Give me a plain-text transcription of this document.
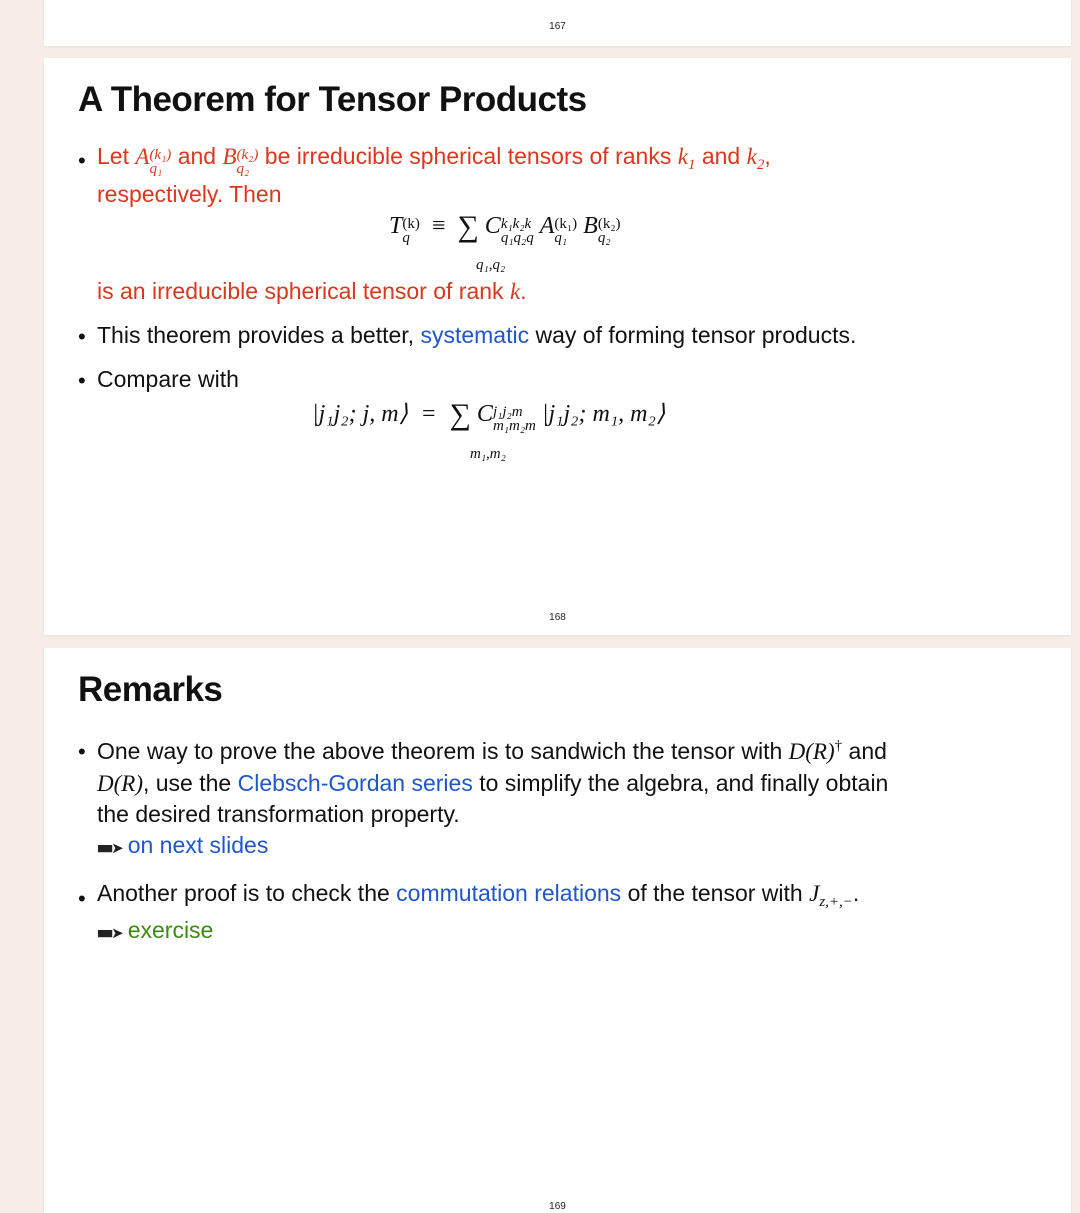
167
A Theorem for Tensor Products
• Let A(k₁)
q₁ and B(k₂)
q₂ be irreducible spherical tensors of ranks $k_1$ and $k_2$,
respectively. Then
T(k)
q ≡ ∑ Ck₁k₂k
q₁q₂q A(k₁)
q₁ B(k₂)
q₂
q₁,q₂
is an irreducible spherical tensor of rank k.
• This theorem provides a better, systematic way of forming tensor products.
• Compare with
|j₁j₂; j, m⟩ = ∑ Cj₁j₂m
m₁m₂m |j₁j₂; m₁, m₂⟩
m₁,m₂
168
Remarks
• One way to prove the above theorem is to sandwich the tensor with D(R)† and
D(R), use the Clebsch-Gordan series to simplify the algebra, and finally obtain
the desired transformation property.
■■➤ on next slides
• Another proof is to check the commutation relations of the tensor with $J_{z,+,-}$.
■■➤ exercise
169
